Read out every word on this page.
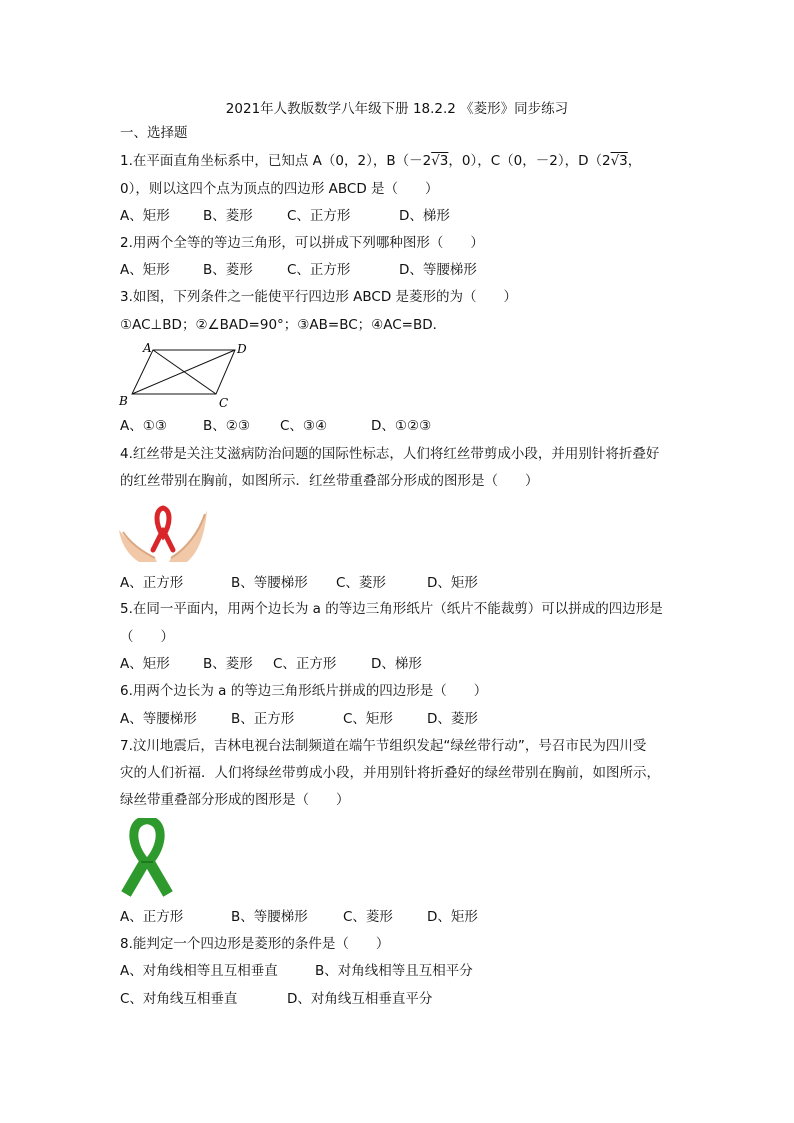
2021年人教版数学八年级下册 18.2.2 《菱形》同步练习
一、选择题
1.在平面直角坐标系中，已知点 A（0，2），B（－2√3，0），C（0，－2），D（2√3，
0），则以这四个点为顶点的四边形 ABCD 是（　　）
A、矩形 B、菱形	C、正方形	D、梯形
2.用两个全等的等边三角形，可以拼成下列哪种图形（　　）
A、矩形 B、菱形	C、正方形	D、等腰梯形
3.如图，下列条件之一能使平行四边形 ABCD 是菱形的为（　　）
①AC⊥BD；②∠BAD=90°；③AB=BC；④AC=BD．
A	D
B	C
A、①③	B、②③ C、③④	D、①②③
4.红丝带是关注艾滋病防治问题的国际性标志，人们将红丝带剪成小段，并用别针将折叠好
的红丝带别在胸前，如图所示．红丝带重叠部分形成的图形是（　　）
A、正方形	B、等腰梯形 C、菱形	D、矩形
5.在同一平面内，用两个边长为 a 的等边三角形纸片（纸片不能裁剪）可以拼成的四边形是
（　　）
A、矩形 B、菱形 C、正方形	D、梯形
6.用两个边长为 a 的等边三角形纸片拼成的四边形是（　　）
A、等腰梯形	B、正方形	C、矩形	D、菱形
7.汶川地震后，吉林电视台法制频道在端午节组织发起“绿丝带行动”，号召市民为四川受
灾的人们祈福．人们将绿丝带剪成小段，并用别针将折叠好的绿丝带别在胸前，如图所示，
绿丝带重叠部分形成的图形是（　　）
A、正方形	B、等腰梯形	C、菱形	D、矩形
8.能判定一个四边形是菱形的条件是（　　）
A、对角线相等且互相垂直	B、对角线相等且互相平分
C、对角线互相垂直	D、对角线互相垂直平分
